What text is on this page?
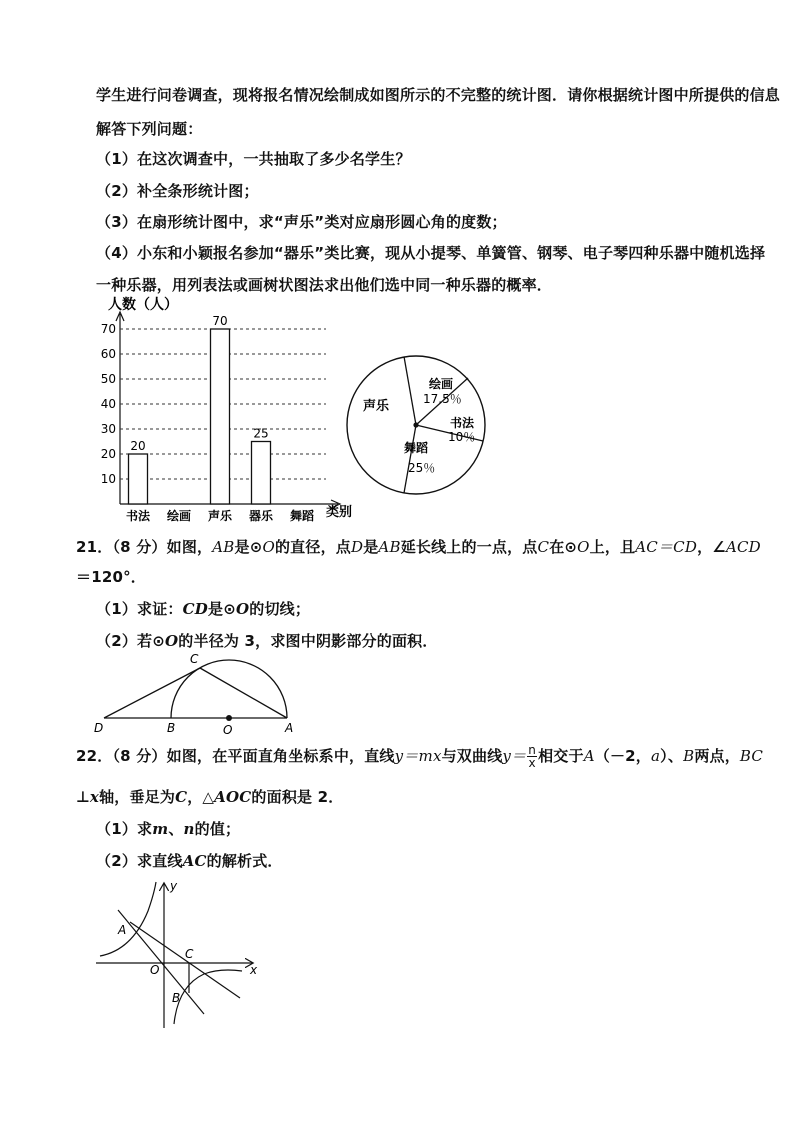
学生进行问卷调查，现将报名情况绘制成如图所示的不完整的统计图．请你根据统计图中所提供的信息
解答下列问题：
（1）在这次调查中，一共抽取了多少名学生？
（2）补全条形统计图；
（3）在扇形统计图中，求“声乐”类对应扇形圆心角的度数；
（4）小东和小颖报名参加“器乐”类比赛，现从小提琴、单簧管、钢琴、电子琴四种乐器中随机选择
一种乐器，用列表法或画树状图法求出他们选中同一种乐器的概率．
10
20
30
40
50
60
70
20
书法 绘画
70
声乐
25
器乐 舞蹈
人数（人）
类别
声乐
绘画
17.5％
书法
10％
舞蹈
25％
21．（8 分）如图，AB是⊙O的直径，点D是AB延长线上的一点，点C在⊙O上，且AC＝CD，∠ACD
＝120°．
（1）求证：CD是⊙O的切线；
（2）若⊙O的半径为 3，求图中阴影部分的面积．
C
D	B	O	A
22．（8 分）如图，在平面直角坐标系中，直线y＝mx与双曲线$y= \frac{n}{x}$ 相交于A（－2，a）、B两点，BC
⊥x轴，垂足为C，△AOC的面积是 2．
（1）求m、n的值；
（2）求直线AC的解析式．
y
x
A
O
C
B
